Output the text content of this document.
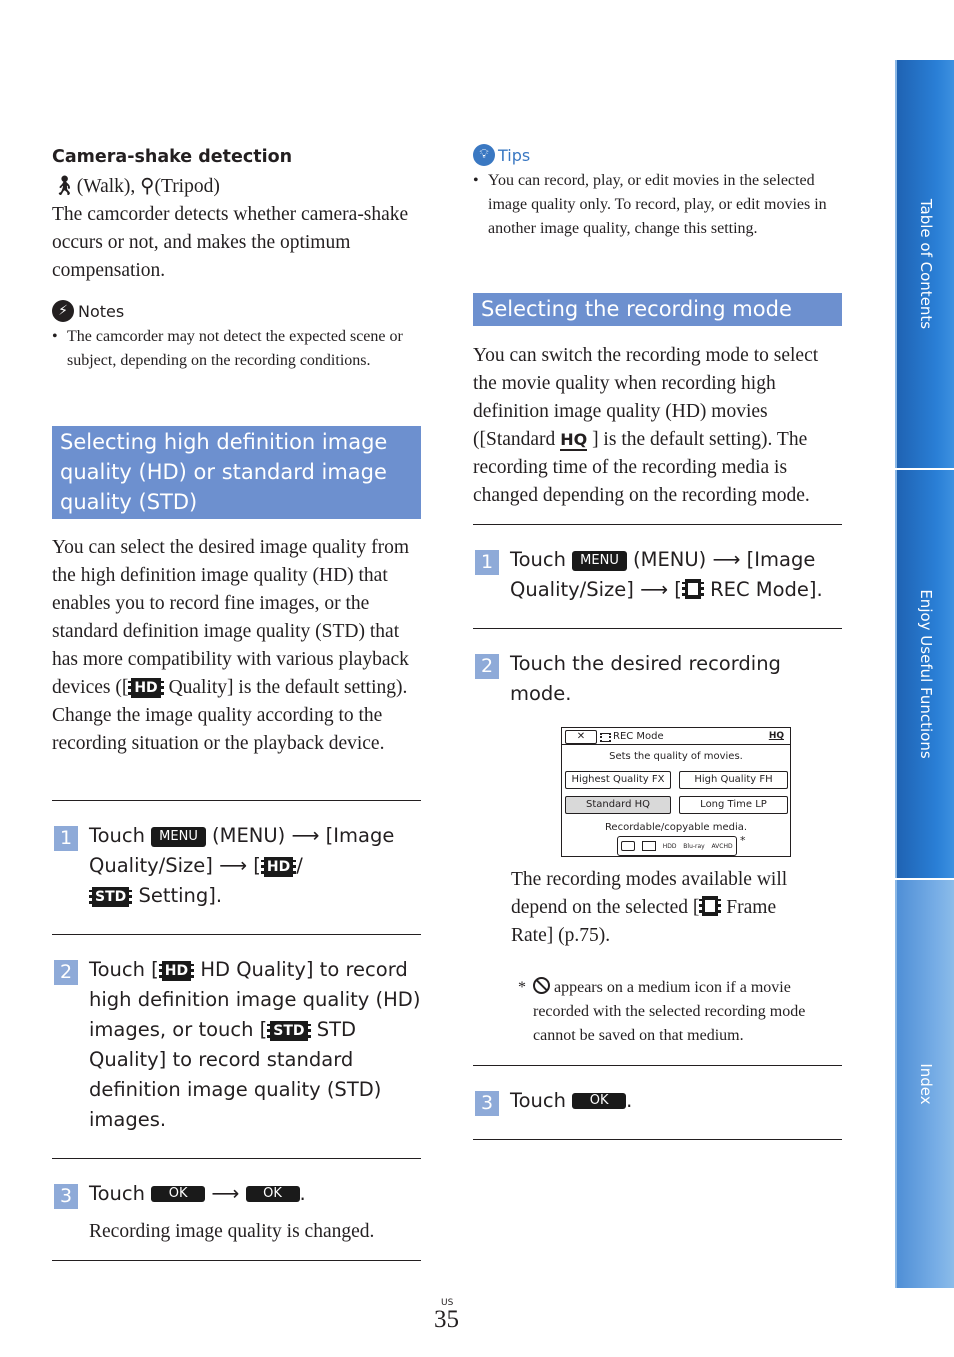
Table of Contents
Enjoy Useful Functions
Index
Camera-shake detection
🚶︎(Walk), ⚲(Tripod)
The camcorder detects whether camera-shake occurs or not, and makes the optimum compensation.
⚡︎ Notes
• The camcorder may not detect the expected scene or subject, depending on the recording conditions.
Selecting high definition image quality (HD) or standard image quality (STD)
You can select the desired image quality from the high definition image quality (HD) that enables you to record fine images, or the standard definition image quality (STD) that has more compatibility with various playback devices ([ HD Quality] is the default setting). Change the image quality according to the recording situation or the playback device.
1 Touch MENU (MENU) ⟶ [Image Quality/Size] ⟶ [ HD /
STD Setting].
2 Touch [ HD HD Quality] to record high definition image quality (HD) images, or touch [ STD STD Quality] to record standard definition image quality (STD) images.
3 Touch OK ⟶ OK .
Recording image quality is changed.
💡︎ Tips
• You can record, play, or edit movies in the selected image quality only. To record, play, or edit movies in another image quality, change this setting.
Selecting the recording mode
You can switch the recording mode to select the movie quality when recording high definition image quality (HD) movies ([Standard HQ ] is the default setting). The recording time of the recording media is changed depending on the recording mode.
1 Touch MENU (MENU) ⟶ [Image Quality/Size] ⟶ [ REC Mode].
2 Touch the desired recording mode.
✕	REC Mode	HQ
Sets the quality of movies.
Highest Quality FX	High Quality FH
Standard HQ	Long Time LP
Recordable/copyable media.
HDD Blu-ray AVCHD *
The recording modes available will depend on the selected [ Frame Rate] (p.75).
*	appears on a medium icon if a movie recorded with the selected recording mode cannot be saved on that medium.
3 Touch OK .
US
35
